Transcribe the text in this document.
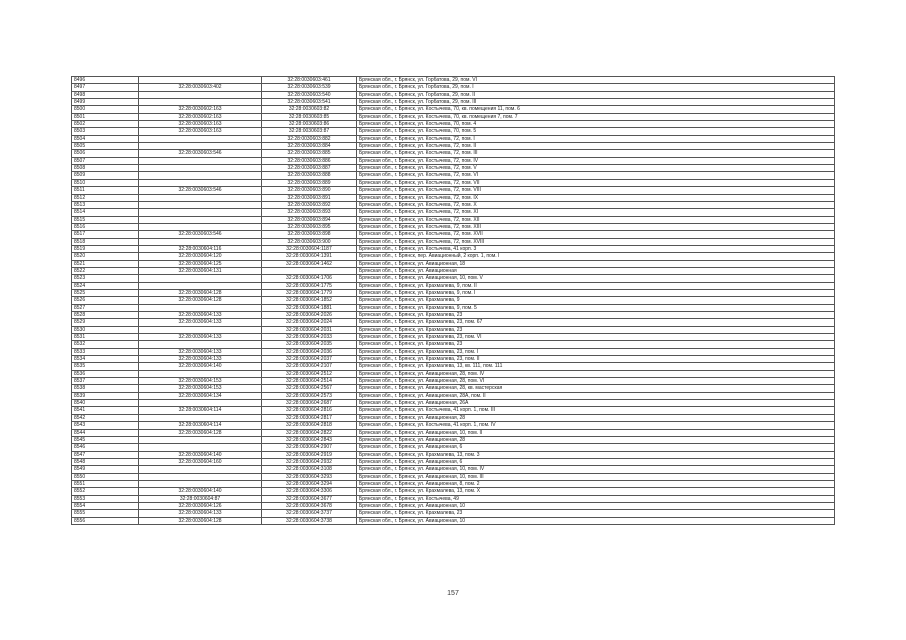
8496		32:28:0030603:461	Брянская обл., г. Брянск, ул. Горбатова, 29, пом. VI
8497	32:28:0030603:402	32:28:0030603:539	Брянская обл., г. Брянск, ул. Горбатова, 29, пом. I
8498		32:28:0030603:540	Брянская обл., г. Брянск, ул. Горбатова, 29, пом. II
8499		32:28:0030603:541	Брянская обл., г. Брянск, ул. Горбатова, 29, пом. III
8500	32:28:0030602:163	32:28:0030603:82	Брянская обл., г. Брянск, ул. Костычева, 70, кв. помещения 11, пом. 6
8501	32:28:0030602:163	32:28:0030603:85	Брянская обл., г. Брянск, ул. Костычева, 70, кв. помещения 7, пом. 7
8502	32:28:0030603:163	32:28:0030603:86	Брянская обл., г. Брянск, ул. Костычева, 70, пом. 4
8503	32:28:0030603:163	32:28:0030603:87	Брянская обл., г. Брянск, ул. Костычева, 70, пом. 5
8504		32:28:0030603:882	Брянская обл., г. Брянск, ул. Костычева, 72, пом. I
8505		32:28:0030603:884	Брянская обл., г. Брянск, ул. Костычева, 72, пом. II
8506	32:28:0030603:546	32:28:0030603:885	Брянская обл., г. Брянск, ул. Костычева, 72, пом. III
8507		32:28:0030603:886	Брянская обл., г. Брянск, ул. Костычева, 72, пом. IV
8508		32:28:0030603:887	Брянская обл., г. Брянск, ул. Костычева, 72, пом. V
8509		32:28:0030603:888	Брянская обл., г. Брянск, ул. Костычева, 72, пом. VI
8510		32:28:0030603:889	Брянская обл., г. Брянск, ул. Костычева, 72, пом. VII
8511	32:28:0030603:546	32:28:0030603:890	Брянская обл., г. Брянск, ул. Костычева, 72, пом. VIII
8512		32:28:0030603:891	Брянская обл., г. Брянск, ул. Костычева, 72, пом. IX
8513		32:28:0030603:892	Брянская обл., г. Брянск, ул. Костычева, 72, пом. X
8514		32:28:0030603:893	Брянская обл., г. Брянск, ул. Костычева, 72, пом. XI
8515		32:28:0030603:894	Брянская обл., г. Брянск, ул. Костычева, 72, пом. XII
8516		32:28:0030603:895	Брянская обл., г. Брянск, ул. Костычева, 72, пом. XIII
8517	32:28:0030603:546	32:28:0030603:898	Брянская обл., г. Брянск, ул. Костычева, 72, пом. XVII
8518		32:28:0030603:900	Брянская обл., г. Брянск, ул. Костычева, 72, пом. XVIII
8519	32:28:0030604:116	32:28:0030604:1187	Брянская обл., г. Брянск, ул. Костычева, 41 корп. 3
8520	32:28:0030604:120	32:28:0030604:1391	Брянская обл., г. Брянск, пер. Авиационный, 2 корп. 1, пом. I
8521	32:28:0030604:125	32:28:0030604:1462	Брянская обл., г. Брянск, ул. Авиационная, 18
8522	32:28:0030604:131		Брянская обл., г. Брянск, ул. Авиационная
8523		32:28:0030604:1706	Брянская обл., г. Брянск, ул. Авиационная, 10, пом. V
8524		32:28:0030604:1775	Брянская обл., г. Брянск, ул. Крахмалева, 9, пом. II
8525	32:28:0030604:128	32:28:0030604:1779	Брянская обл., г. Брянск, ул. Крахмалева, 9, пом. I
8526	32:28:0030604:128	32:28:0030604:1852	Брянская обл., г. Брянск, ул. Крахмалева, 9
8527		32:28:0030604:1881	Брянская обл., г. Брянск, ул. Крахмалева, 9, пом. 5
8528	32:28:0030604:133	32:28:0030604:2026	Брянская обл., г. Брянск, ул. Крахмалева, 23
8529	32:28:0030604:133	32:28:0030604:2024	Брянская обл., г. Брянск, ул. Крахмалева, 23, пом. 67
8530		32:28:0030604:2031	Брянская обл., г. Брянск, ул. Крахмалева, 23
8531	32:28:0030604:133	32:28:0030604:2033	Брянская обл., г. Брянск, ул. Крахмалева, 23, пом. VI
8532		32:28:0030604:2035	Брянская обл., г. Брянск, ул. Крахмалева, 23
8533	32:28:0030604:133	32:28:0030604:2036	Брянская обл., г. Брянск, ул. Крахмалева, 23, пом. I
8534	32:28:0030604:133	32:28:0030604:2037	Брянская обл., г. Брянск, ул. Крахмалева, 23, пом. II
8535	32:28:0030604:140	32:28:0030604:2107	Брянская обл., г. Брянск, ул. Крахмалева, 13, кв. 111, пом. 111
8536		32:28:0030604:2512	Брянская обл., г. Брянск, ул. Авиационная, 28, пом. IV
8537	32:28:0030604:153	32:28:0030604:2514	Брянская обл., г. Брянск, ул. Авиационная, 28, пом. VI
8538	32:28:0030604:153	32:28:0030604:2567	Брянская обл., г. Брянск, ул. Авиационная, 28, кв. мастерская
8539	32:28:0030604:134	32:28:0030604:2573	Брянская обл., г. Брянск, ул. Авиационная, 28А, пом. II
8540		32:28:0030604:2687	Брянская обл., г. Брянск, ул. Авиационная, 26А
8541	32:28:0030604:114	32:28:0030604:2816	Брянская обл., г. Брянск, ул. Костычева, 41 корп. 1, пом. III
8542		32:28:0030604:2817	Брянская обл., г. Брянск, ул. Авиационная, 28
8543	32:28:0030604:114	32:28:0030604:2818	Брянская обл., г. Брянск, ул. Костычева, 41 корп. 1, пом. IV
8544	32:28:0030604:128	32:28:0030604:2822	Брянская обл., г. Брянск, ул. Авиационная, 10, пом. II
8545		32:28:0030604:2843	Брянская обл., г. Брянск, ул. Авиационная, 28
8546		32:28:0030604:2907	Брянская обл., г. Брянск, ул. Авиационная, 6
8547	32:28:0030604:140	32:28:0030604:2919	Брянская обл., г. Брянск, ул. Крахмалева, 13, пом. 3
8548	32:28:0030604:160	32:28:0030604:2932	Брянская обл., г. Брянск, ул. Авиационная, 6
8549		32:28:0030604:3108	Брянская обл., г. Брянск, ул. Авиационная, 10, пом. IV
8550		32:28:0030604:3293	Брянская обл., г. Брянск, ул. Авиационная, 10, пом. III
8551		32:28:0030604:3294	Брянская обл., г. Брянск, ул. Авиационная, 8, пом. 2
8552	32:28:0030604:140	32:28:0030604:3306	Брянская обл., г. Брянск, ул. Крахмалева, 13, пом. X
8553	32:28:0030604:87	32:28:0030604:3677	Брянская обл., г. Брянск, ул. Костычева, 49
8554	32:28:0030604:126	32:28:0030604:3678	Брянская обл., г. Брянск, ул. Авиационная, 10
8555	32:28:0030604:133	32:28:0030604:3737	Брянская обл., г. Брянск, ул. Крахмалева, 23
8556	32:28:0030604:128	32:28:0030604:3738	Брянская обл., г. Брянск, ул. Авиационная, 10
157
